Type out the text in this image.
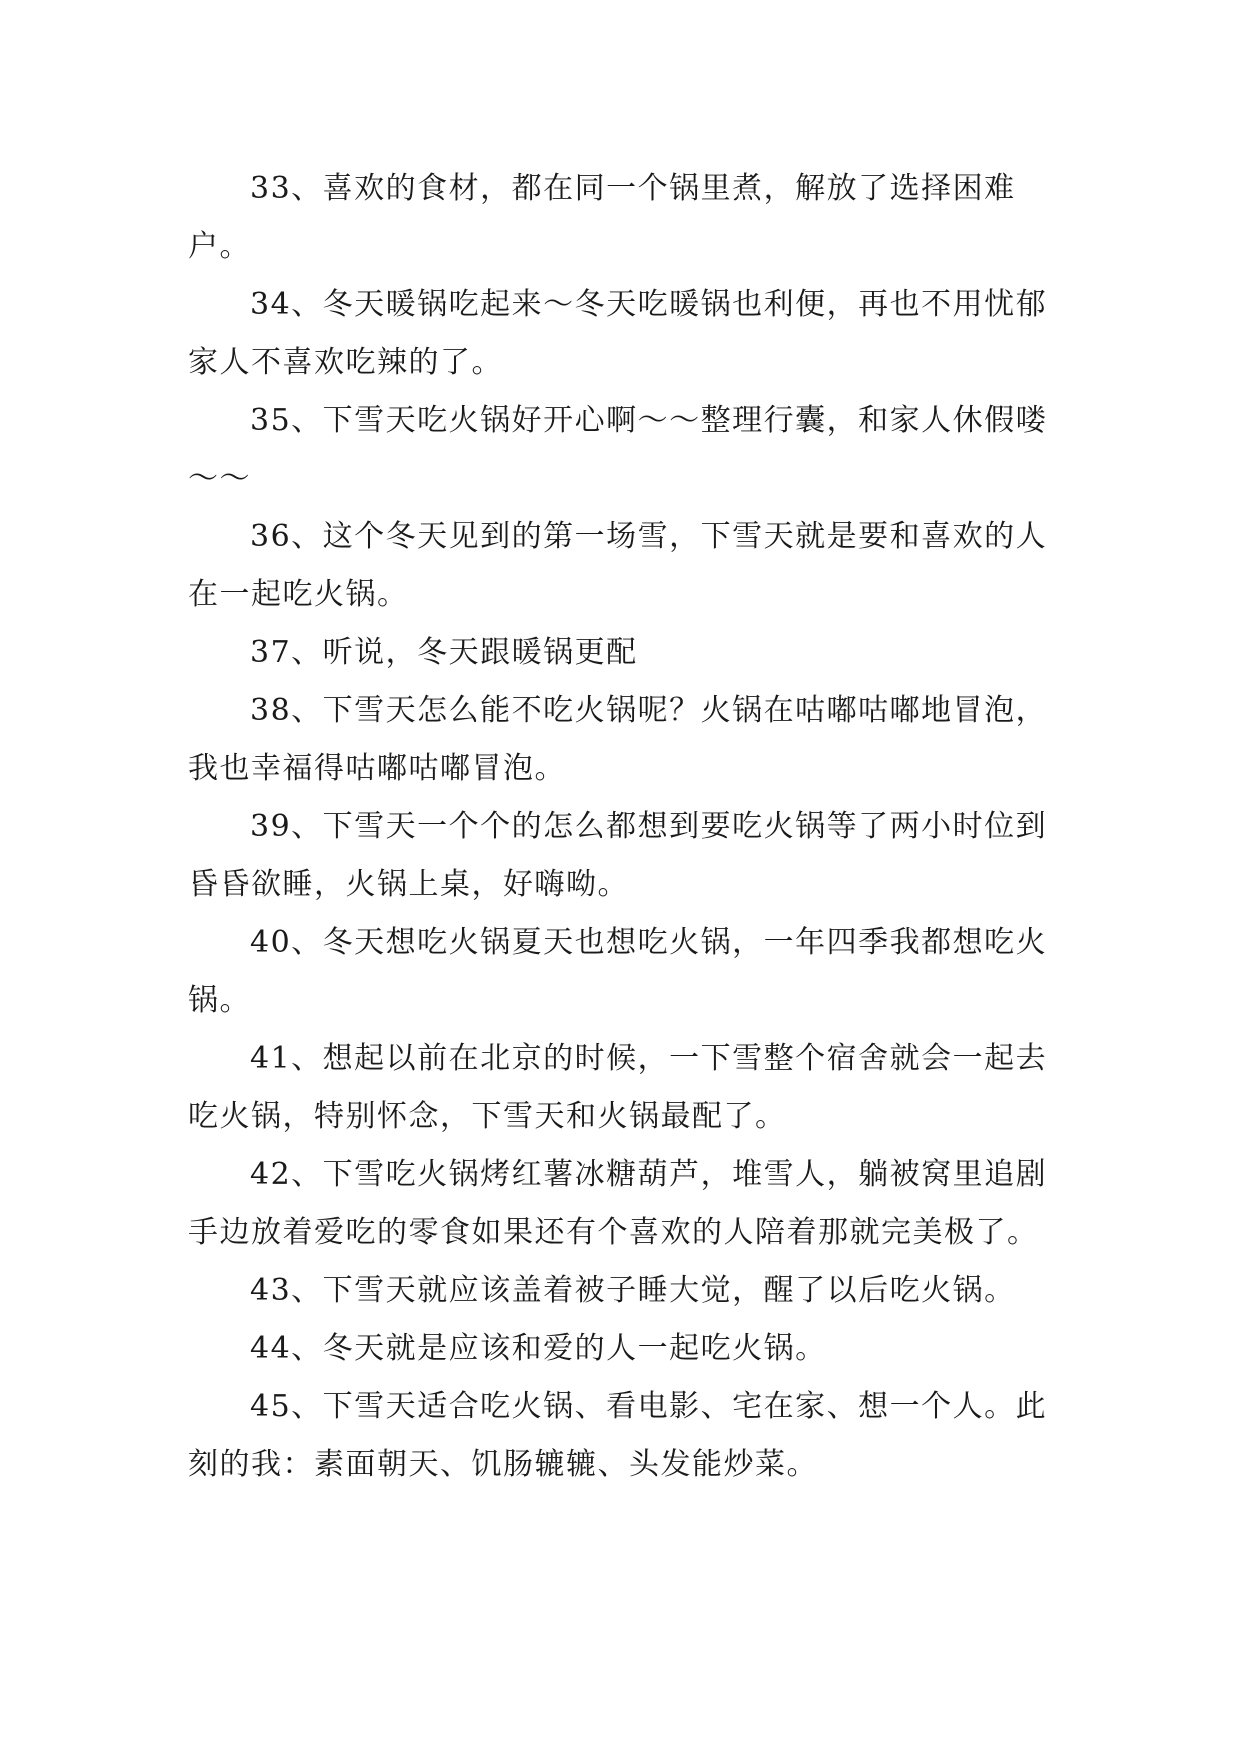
33、喜欢的食材，都在同一个锅里煮，解放了选择困难户。

34、冬天暖锅吃起来～冬天吃暖锅也利便，再也不用忧郁家人不喜欢吃辣的了。

35、下雪天吃火锅好开心啊～～整理行囊，和家人休假喽～～

36、这个冬天见到的第一场雪，下雪天就是要和喜欢的人在一起吃火锅。

37、听说，冬天跟暖锅更配

38、下雪天怎么能不吃火锅呢？火锅在咕嘟咕嘟地冒泡，我也幸福得咕嘟咕嘟冒泡。

39、下雪天一个个的怎么都想到要吃火锅等了两小时位到昏昏欲睡，火锅上桌，好嗨呦。

40、冬天想吃火锅夏天也想吃火锅，一年四季我都想吃火锅。

41、想起以前在北京的时候，一下雪整个宿舍就会一起去吃火锅，特别怀念，下雪天和火锅最配了。

42、下雪吃火锅烤红薯冰糖葫芦，堆雪人，躺被窝里追剧手边放着爱吃的零食如果还有个喜欢的人陪着那就完美极了。

43、下雪天就应该盖着被子睡大觉，醒了以后吃火锅。

44、冬天就是应该和爱的人一起吃火锅。

45、下雪天适合吃火锅、看电影、宅在家、想一个人。此刻的我：素面朝天、饥肠辘辘、头发能炒菜。
